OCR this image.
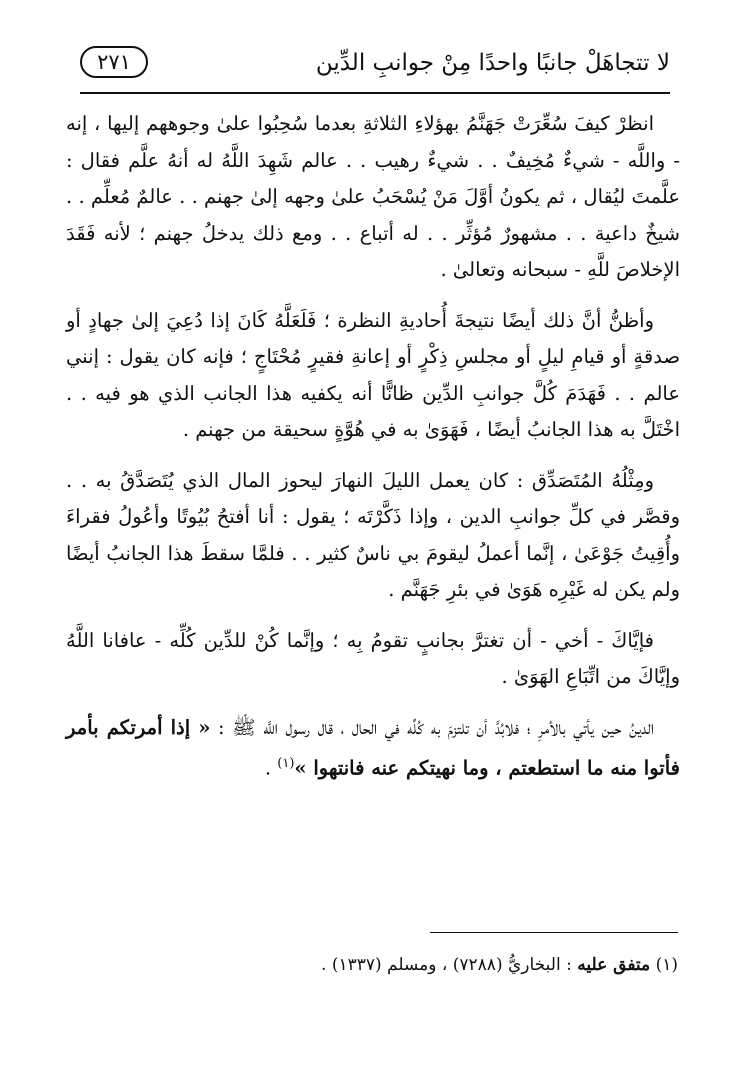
لا تتجاهَلْ جانبًا واحدًا مِنْ جوانبِ الدِّين
٢٧١

انظرْ كيفَ سُعِّرَتْ جَهَنَّمُ بهؤلاءِ الثلاثةِ بعدما سُحِبُوا علىٰ وجوههم إليها ، إنه - واللَّه - شيءٌ مُخِيفٌ . . شيءٌ رهيب . . عالم شَهِدَ اللَّهُ له أنهُ علَّم فقال : علَّمتَ ليُقال ، ثم يكونُ أوَّلَ مَنْ يُسْحَبُ علىٰ وجهه إلىٰ جهنم . . عالمٌ مُعلِّم . . شيخٌ داعية . . مشهورٌ مُؤثِّر . . له أتباع . . ومع ذلك يدخلُ جهنم ؛ لأنه فَقَدَ الإخلاصَ للَّهِ - سبحانه وتعالىٰ .

وأظنُّ أنَّ ذلك أيضًا نتيجةَ أُحاديةِ النظرة ؛ فَلَعَلَّهُ كَانَ إذا دُعِيَ إلىٰ جهادٍ أو صدقةٍ أو قيامِ ليلٍ أو مجلسِ ذِكْرٍ أو إعانةِ فقيرٍ مُحْتَاجٍ ؛ فإنه كان يقول : إنني عالم . . فَهَدَمَ كُلَّ جوانبِ الدِّين ظانًّا أنه يكفيه هذا الجانب الذي هو فيه . . اخْتَلَّ به هذا الجانبُ أيضًا ، فَهَوَىٰ به في هُوَّةٍ سحيقة من جهنم .

ومِثْلُهُ المُتَصَدِّق : كان يعمل الليلَ النهارَ ليحوز المال الذي يُتَصَدَّقُ به . . وقصَّر في كلِّ جوانبِ الدين ، وإذا ذَكَّرْتَه ؛ يقول : أنا أفتحُ بُيُوتًا وأعُولُ فقراءَ وأُقِيتُ جَوْعَىٰ ، إنَّما أعملُ ليقومَ بي ناسٌ كثير . . فلمَّا سقطَ هذا الجانبُ أيضًا ولم يكن له غَيْرِه هَوَىٰ في بئرِ جَهَنَّم .

فإيَّاكَ - أخي - أن تغترَّ بجانبٍ تقومُ بِه ؛ وإنَّما كُنْ للدِّين كُلِّه - عافانا اللَّهُ وإيَّاكَ من اتِّبَاعِ الهَوَىٰ .

الدينُ حين يأتي بالأمرِ ؛ فلابُدَّ أن تلتزمَ به كُلِّه في الحال ، قال رسول اللَّه ﷺ : « إذا أمرتكم بأمر فأتوا منه ما استطعتم ، وما نهيتكم عنه فانتهوا »$^{(١)}$ .

(١) متفق عليه : البخاريُّ (٧٢٨٨) ، ومسلم (١٣٣٧) .
